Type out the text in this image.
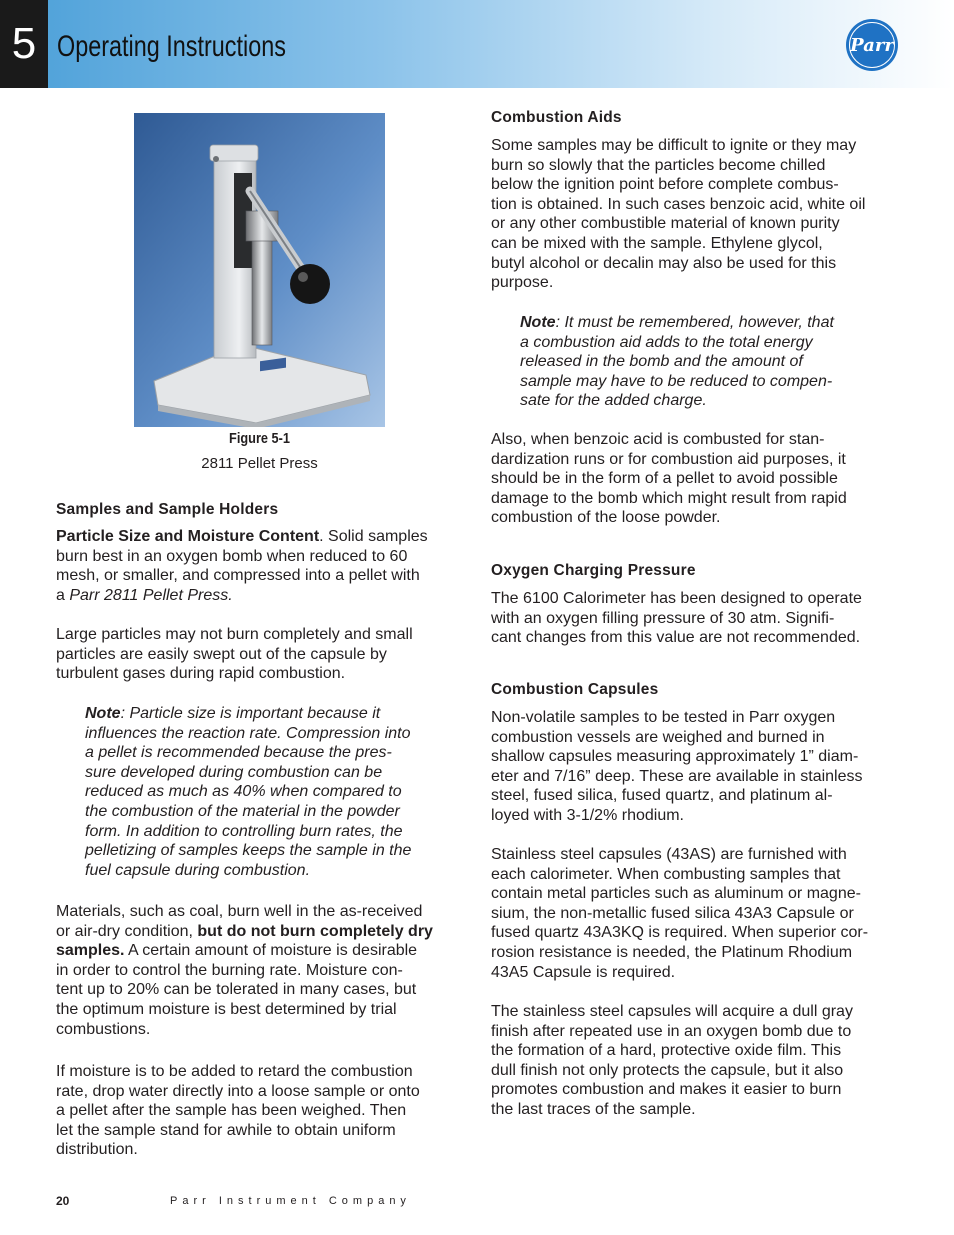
5 Operating Instructions	Parr
Figure 5-1
2811 Pellet Press
Samples and Sample Holders
Particle Size and Moisture Content. Solid samples
burn best in an oxygen bomb when reduced to 60
mesh, or smaller, and compressed into a pellet with
a Parr 2811 Pellet Press.
Large particles may not burn completely and small
particles are easily swept out of the capsule by
turbulent gases during rapid combustion.
Note: Particle size is important because it
influences the reaction rate. Compression into
a pellet is recommended because the pres-
sure developed during combustion can be
reduced as much as 40% when compared to
the combustion of the material in the powder
form. In addition to controlling burn rates, the
pelletizing of samples keeps the sample in the
fuel capsule during combustion.
Materials, such as coal, burn well in the as-received
or air-dry condition, but do not burn completely dry
samples. A certain amount of moisture is desirable
in order to control the burning rate. Moisture con-
tent up to 20% can be tolerated in many cases, but
the optimum moisture is best determined by trial
combustions.
If moisture is to be added to retard the combustion
rate, drop water directly into a loose sample or onto
a pellet after the sample has been weighed. Then
let the sample stand for awhile to obtain uniform
distribution.
Combustion Aids
Some samples may be difficult to ignite or they may
burn so slowly that the particles become chilled
below the ignition point before complete combus-
tion is obtained. In such cases benzoic acid, white oil
or any other combustible material of known purity
can be mixed with the sample. Ethylene glycol,
butyl alcohol or decalin may also be used for this
purpose.
Note: It must be remembered, however, that
a combustion aid adds to the total energy
released in the bomb and the amount of
sample may have to be reduced to compen-
sate for the added charge.
Also, when benzoic acid is combusted for stan-
dardization runs or for combustion aid purposes, it
should be in the form of a pellet to avoid possible
damage to the bomb which might result from rapid
combustion of the loose powder.
Oxygen Charging Pressure
The 6100 Calorimeter has been designed to operate
with an oxygen filling pressure of 30 atm. Signifi-
cant changes from this value are not recommended.
Combustion Capsules
Non-volatile samples to be tested in Parr oxygen
combustion vessels are weighed and burned in
shallow capsules measuring approximately 1” diam-
eter and 7/16” deep. These are available in stainless
steel, fused silica, fused quartz, and platinum al-
loyed with 3-1/2% rhodium.
Stainless steel capsules (43AS) are furnished with
each calorimeter. When combusting samples that
contain metal particles such as aluminum or magne-
sium, the non-metallic fused silica 43A3 Capsule or
fused quartz 43A3KQ is required. When superior cor-
rosion resistance is needed, the Platinum Rhodium
43A5 Capsule is required.
The stainless steel capsules will acquire a dull gray
finish after repeated use in an oxygen bomb due to
the formation of a hard, protective oxide film. This
dull finish not only protects the capsule, but it also
promotes combustion and makes it easier to burn
the last traces of the sample.
20	Parr Instrument Company
